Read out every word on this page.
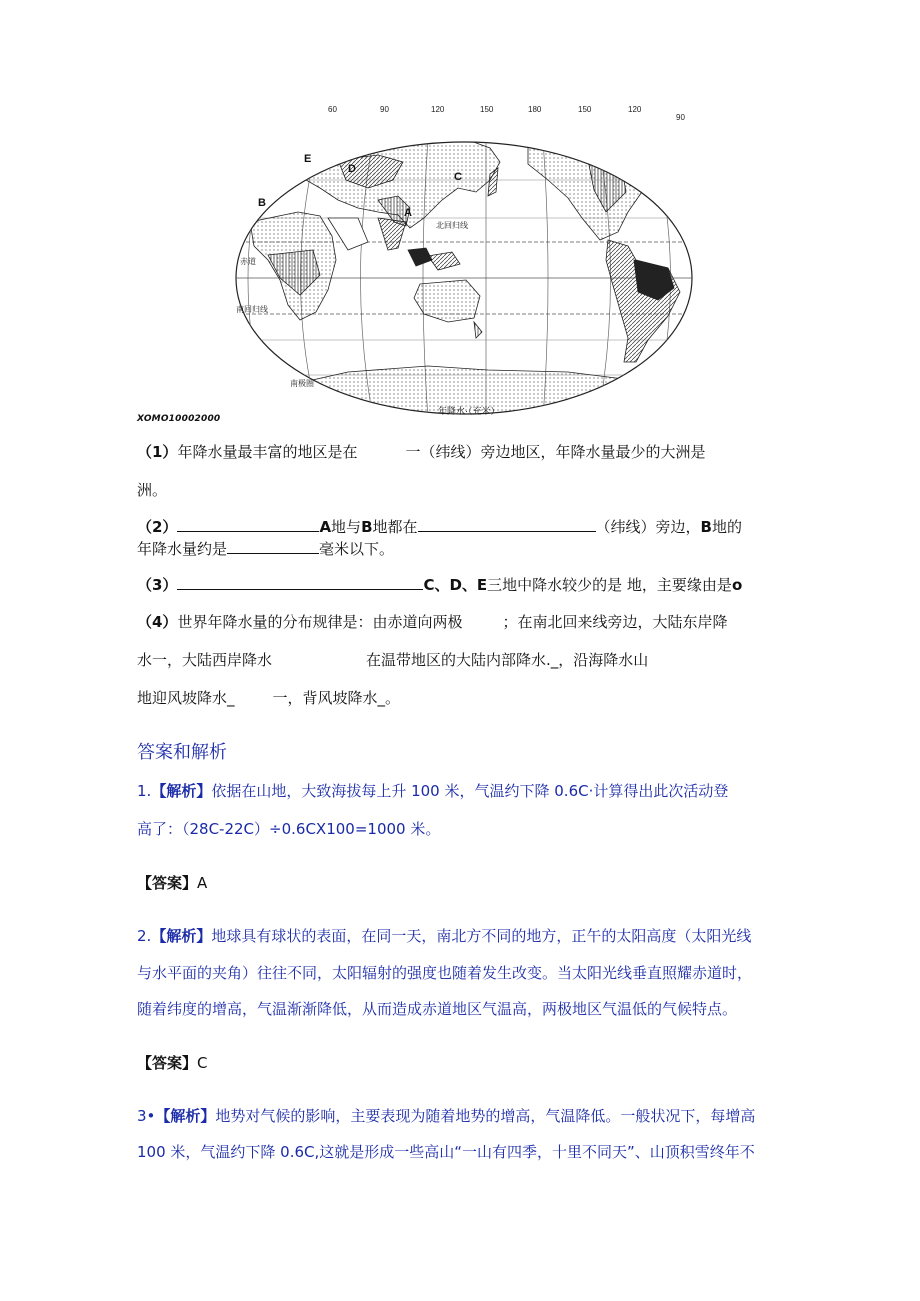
60	90	120	150	180	150	120
90
赤道
北回归线
南回归线
南极圈
B
A
D
C
E
年降水·（充米）
XOMO10002000
（1）年降水量最丰富的地区是在	一（纬线）旁边地区，年降水量最少的大洲是
洲。
（2）	A地与B地都在	（纬线）旁边，B地的
年降水量约是	毫米以下。
（3）	C、D、E三地中降水较少的是 地，主要缘由是o
（4）世界年降水量的分布规律是：由赤道向两极	；在南北回来线旁边，大陆东岸降
水一，大陆西岸降水	在温带地区的大陆内部降水._，沿海降水山
地迎风坡降水_	一，背风坡降水_。
答案和解析
1.【解析】依据在山地，大致海拔每上升 100 米，气温约下降 0.6C·计算得出此次活动登
高了：（28C-22C）÷0.6CX100=1000 米。
【答案】A
2.【解析】地球具有球状的表面，在同一天，南北方不同的地方，正午的太阳高度（太阳光线
与水平面的夹角）往往不同，太阳辐射的强度也随着发生改变。当太阳光线垂直照耀赤道时，
随着纬度的增高，气温渐渐降低，从而造成赤道地区气温高，两极地区气温低的气候特点。
【答案】C
3•【解析】地势对气候的影响，主要表现为随着地势的增高，气温降低。一般状况下，每增高
100 米，气温约下降 0.6C,这就是形成一些高山“一山有四季，十里不同天”、山顶积雪终年不
